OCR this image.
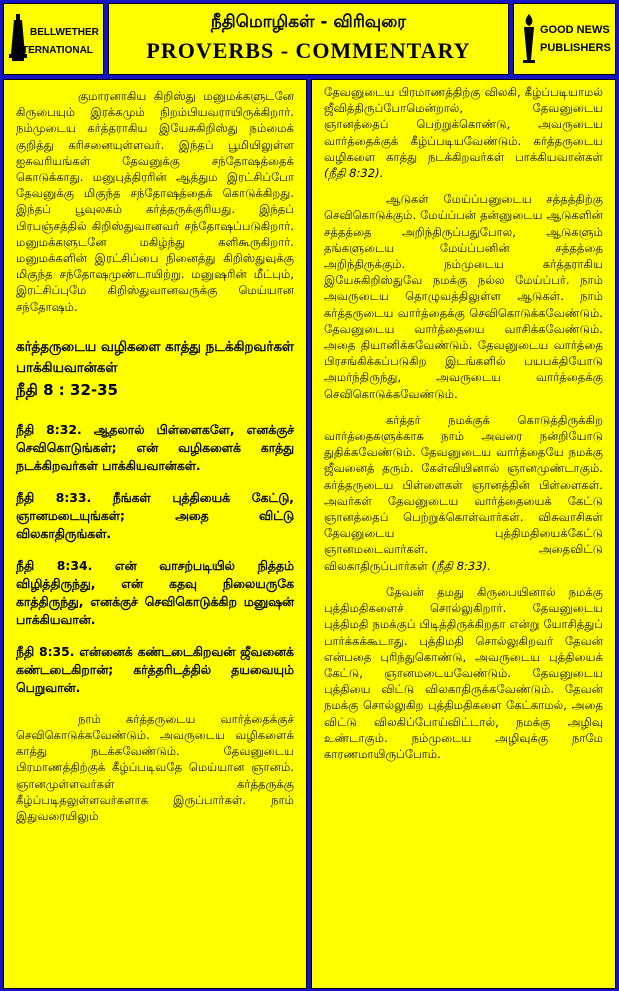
BELLWETHER
INTERNATIONAL
நீதிமொழிகள் - விரிவுரை
PROVERBS - COMMENTARY
GOOD NEWS
PUBLISHERS

குமாரனாகிய கிறிஸ்து மனுமக்களுடனே கிருபையும் இரக்கமும் நிறம்பியவராயிருக்கிறார். நம்முடைய கர்த்தராகிய இயேசுகிறிஸ்து நம்மைக் குறித்து கரிசனையுள்ளவர். இந்தப் பூமியிலுள்ள ஐசுவரியங்கள் தேவனுக்கு சந்தோஷத்தைக் கொடுக்காது. மனுபுத்திரரின் ஆத்தும இரட்சிப்போ தேவனுக்கு மிகுந்த சந்தோஷத்தைக் கொடுக்கிறது. இந்தப் பூவுலகம் கர்த்தருக்குரியது. இந்தப் பிரபஞ்சத்தில் கிறிஸ்துவானவர் சந்தோஷப்படுகிறார். மனுமக்களுடனே மகிழ்ந்து களிகூருகிறார். மனுமக்களின் இரட்சிப்பை நினைத்து கிறிஸ்துவுக்கு மிகுந்த சந்தோஷமுண்டாயிற்று. மனுஷரின் மீட்பும், இரட்சிப்புமே கிறிஸ்துவானவருக்கு மெய்யான சந்தோஷம்.

கர்த்தருடைய வழிகளை காத்து நடக்கிறவர்கள் பாக்கியவான்கள்
நீதி 8 : 32-35

நீதி 8:32. ஆதலால் பிள்ளைகளே, எனக்குச் செவிகொடுங்கள்; என் வழிகளைக் காத்து நடக்கிறவர்கள் பாக்கியவான்கள்.

நீதி 8:33. நீங்கள் புத்தியைக் கேட்டு, ஞானமடையுங்கள்; அதை விட்டு விலகாதிருங்கள்.

நீதி 8:34. என் வாசற்படியில் நித்தம் விழித்திருந்து, என் கதவு நிலையருகே காத்திருந்து, எனக்குச் செவிகொடுக்கிற மனுஷன் பாக்கியவான்.

நீதி 8:35. என்னைக் கண்டடைகிறவன் ஜீவனைக் கண்டடைகிறான்; கர்த்தரிடத்தில் தயவையும் பெறுவான்.

நாம் கர்த்தருடைய வார்த்தைக்குச் செவிகொடுக்கவேண்டும். அவருடைய வழிகளைக் காத்து நடக்கவேண்டும். தேவனுடைய பிரமாணத்திற்குக் கீழ்ப்படிவதே மெய்யான ஞானம். ஞானமுள்ளவர்கள் கர்த்தருக்கு கீழ்ப்படிதலுள்ளவர்களாக இருப்பார்கள். நாம் இதுவரையிலும்

தேவனுடைய பிரமாணத்திற்கு விலகி, கீழ்ப்படியாமல் ஜீவித்திருப்போமென்றால், தேவனுடைய ஞானத்தைப் பெற்றுக்கொண்டு, அவருடைய வார்த்தைக்குக் கீழ்ப்படியவேண்டும். கர்த்தருடைய வழிகளை காத்து நடக்கிறவர்கள் பாக்கியவான்கள் (நீதி 8:32).

ஆடுகள் மேய்ப்பனுடைய சத்தத்திற்கு செவிகொடுக்கும். மேய்ப்பன் தன்னுடைய ஆடுகளின் சத்தத்தை அறிந்திருப்பதுபோல, ஆடுகளும் தங்களுடைய மேய்ப்பனின் சத்தத்தை அறிந்திருக்கும். நம்முடைய கர்த்தராகிய இயேசுகிறிஸ்துவே நமக்கு நல்ல மேய்ப்பர். நாம் அவருடைய தொழுவத்திலுள்ள ஆடுகள். நாம் கர்த்தருடைய வார்த்தைக்கு செவிகொடுக்கவேண்டும். தேவனுடைய வார்த்தையை வாசிக்கவேண்டும். அதை தியானிக்கவேண்டும். தேவனுடைய வார்த்தை பிரசங்கிக்கப்படுகிற இடங்களில் பயபக்தியோடு அமர்ந்திருந்து, அவருடைய வார்த்தைக்கு செவிகொடுக்கவேண்டும்.

கர்த்தர் நமக்குக் கொடுத்திருக்கிற வார்த்தைகளுக்காக நாம் அவரை நன்றியோடு துதிக்கவேண்டும். தேவனுடைய வார்த்தையே நமக்கு ஜீவனைத் தரும். கேள்வியினால் ஞானமுண்டாகும். கர்த்தருடைய பிள்ளைகள் ஞானத்தின் பிள்ளைகள். அவர்கள் தேவனுடைய வார்த்தையைக் கேட்டு ஞானத்தைப் பெற்றுக்கொள்வார்கள். விசுவாசிகள் தேவனுடைய புத்திமதியைக்கேட்டு ஞானமடைவார்கள். அதைவிட்டு விலகாதிருப்பார்கள் (நீதி 8:33).

தேவன் தமது கிருபையினால் நமக்கு புத்திமதிகளைச் சொல்லுகிறார். தேவனுடைய புத்திமதி நமக்குப் பிடித்திருக்கிறதா என்று யோசித்துப் பார்க்கக்கூடாது. புத்திமதி சொல்லுகிறவர் தேவன் என்பதை புரிந்துகொண்டு, அவருடைய புத்தியைக் கேட்டு, ஞானமடையவேண்டும். தேவனுடைய புத்தியை விட்டு விலகாதிருக்கவேண்டும். தேவன் நமக்கு சொல்லுகிற புத்திமதிகளை கேட்காமல், அதை விட்டு விலகிப்போய்விட்டால், நமக்கு அழிவு உண்டாகும். நம்முடைய அழிவுக்கு நாமே காரணமாயிருப்போம்.
